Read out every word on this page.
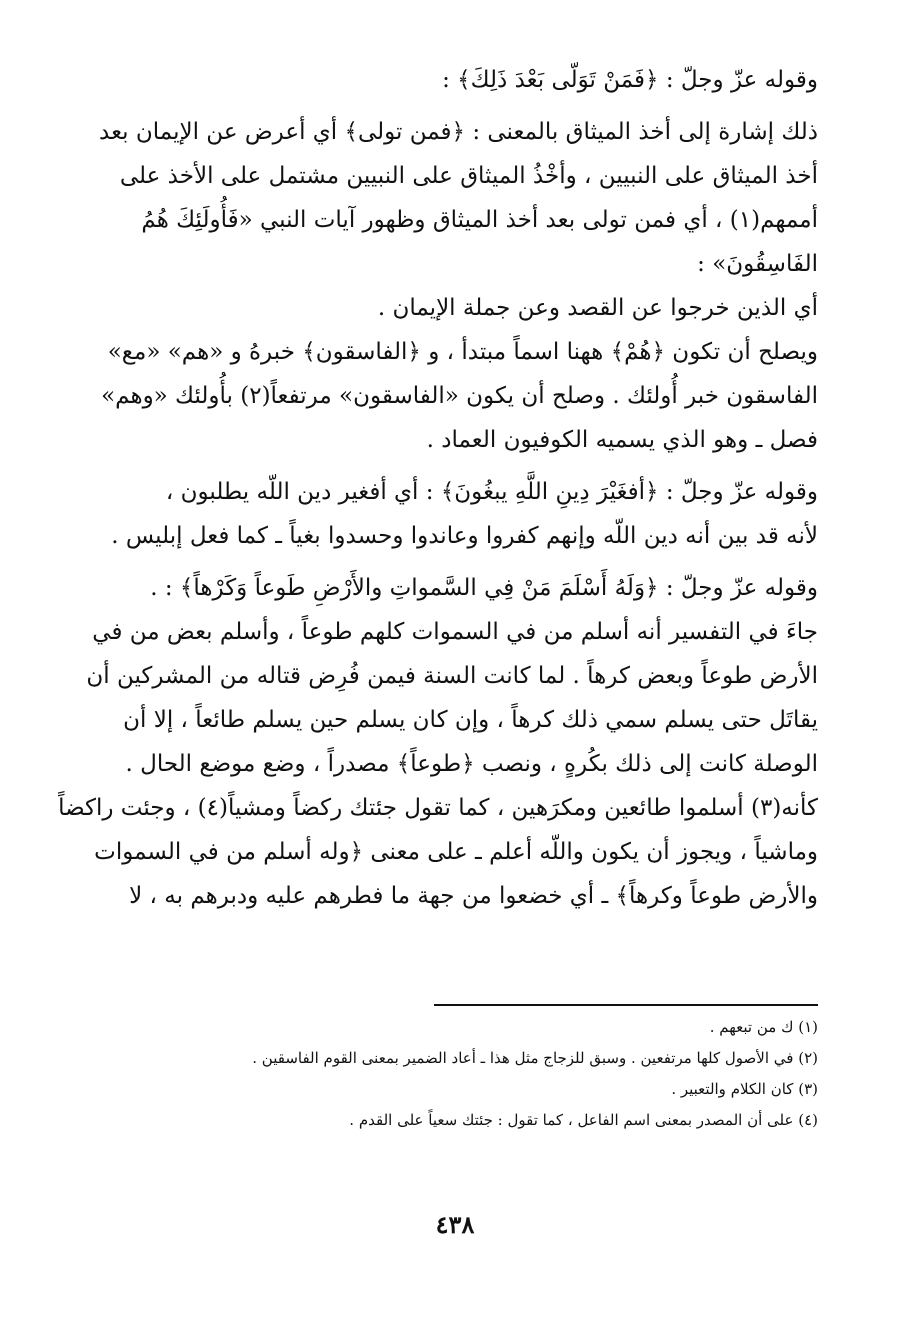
وقوله عزّ وجلّ : ﴿فَمَنْ تَوَلّى بَعْدَ ذَلِكَ﴾ :

ذلك إشارة إلى أخذ الميثاق بالمعنى : ﴿فمن تولى﴾ أي أعرض عن الإيمان بعد

أخذ الميثاق على النبيين ، وأخْذُ الميثاق على النبيين مشتمل على الأخذ على

أممهم(١) ، أي فمن تولى بعد أخذ الميثاق وظهور آيات النبي «فَأُولَئِكَ هُمُ

الفَاسِقُونَ» :

أي الذين خرجوا عن القصد وعن جملة الإيمان .

ويصلح أن تكون ﴿هُمْ﴾ ههنا اسماً مبتدأ ، و ﴿الفاسقون﴾ خبرهُ و «هم» «مع»

الفاسقون خبر أُولئك . وصلح أن يكون «الفاسقون» مرتفعاً(٢) بأُولئك «وهم»

فصل ـ وهو الذي يسميه الكوفيون العماد .

وقوله عزّ وجلّ : ﴿أفغَيْرَ دِينِ اللَّهِ يبغُونَ﴾ : أي أفغير دين اللّه يطلبون ،

لأنه قد بين أنه دين اللّه وإنهم كفروا وعاندوا وحسدوا بغياً ـ كما فعل إبليس .

وقوله عزّ وجلّ : ﴿وَلَهُ أَسْلَمَ مَنْ فِي السَّمواتِ والأَرْضِ طَوعاً وَكَرْهاً﴾ : .

جاءَ في التفسير أنه أسلم من في السموات كلهم طوعاً ، وأسلم بعض من في

الأرض طوعاً وبعض كرهاً . لما كانت السنة فيمن فُرِض قتاله من المشركين أن

يقاتَل حتى يسلم سمي ذلك كرهاً ، وإن كان يسلم حين يسلم طائعاً ، إلا أن

الوصلة كانت إلى ذلك بكُرهٍ ، ونصب ﴿طوعاً﴾ مصدراً ، وضع موضع الحال .

كأنه(٣) أسلموا طائعين ومكرَهين ، كما تقول جئتك ركضاً ومشياً(٤) ، وجئت راكضاً

وماشياً ، ويجوز أن يكون واللّه أعلم ـ على معنى ﴿وله أسلم من في السموات

والأرض طوعاً وكرهاً﴾ ـ أي خضعوا من جهة ما فطرهم عليه ودبرهم به ، لا

(١) ك من تبعهم .

(٢) في الأصول كلها مرتفعين . وسبق للزجاج مثل هذا ـ أعاد الضمير بمعنى القوم الفاسقين .

(٣) كان الكلام والتعبير .

(٤) على أن المصدر بمعنى اسم الفاعل ، كما تقول : جئتك سعياً على القدم .

٤٣٨
